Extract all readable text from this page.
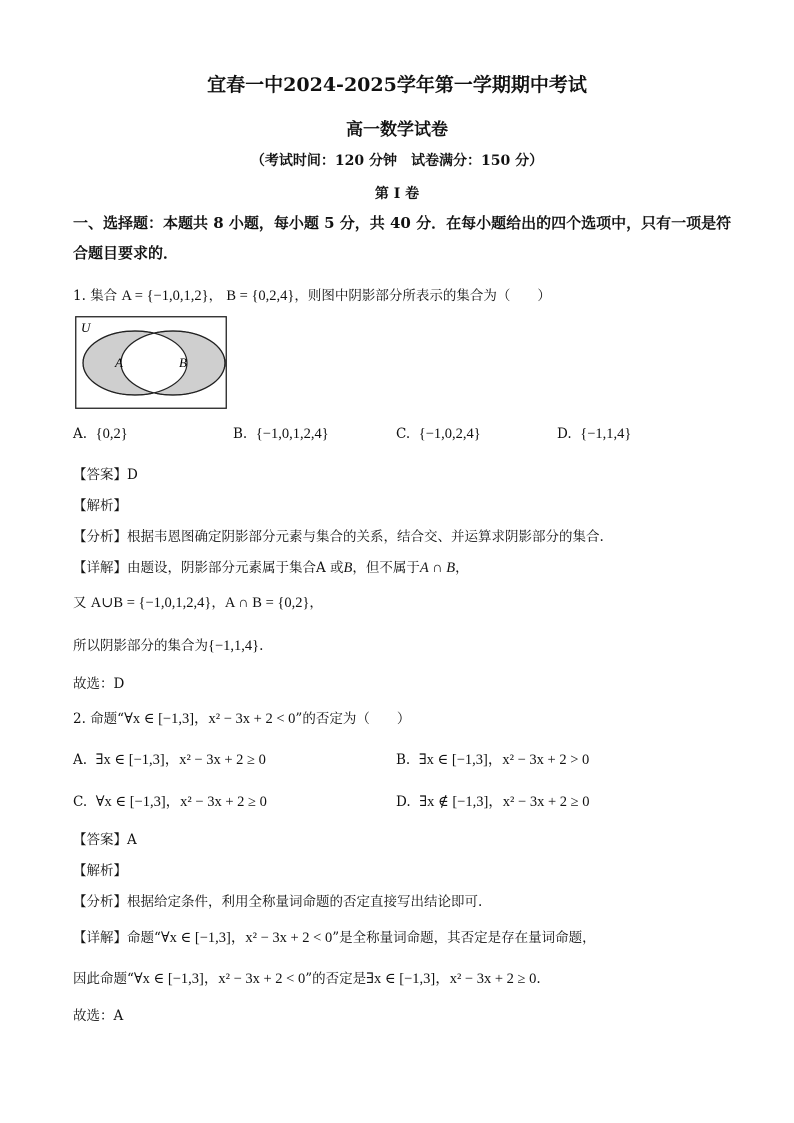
宜春一中2024-2025学年第一学期期中考试
高一数学试卷
（考试时间：120 分钟　试卷满分：150 分）
第 I 卷
一、选择题：本题共 8 小题，每小题 5 分，共 40 分．在每小题给出的四个选项中，只有一项是符合题目要求的．
1. 集合 A = {−1,0,1,2}， B = {0,2,4}，则图中阴影部分所表示的集合为（　　）
U
A	B
A. {0,2}	B. {−1,0,1,2,4}	C. {−1,0,2,4}	D. {−1,1,4}
【答案】D
【解析】
【分析】根据韦恩图确定阴影部分元素与集合的关系，结合交、并运算求阴影部分的集合.
【详解】由题设，阴影部分元素属于集合A 或B，但不属于A ∩ B，
又 A∪B = {−1,0,1,2,4}，A ∩ B = {0,2}，
所以阴影部分的集合为{−1,1,4}.
故选：D
2. 命题“∀x ∈ [−1,3]，x² − 3x + 2 < 0”的否定为（　　）
A. ∃x ∈ [−1,3]，x² − 3x + 2 ≥ 0	B. ∃x ∈ [−1,3]，x² − 3x + 2 > 0
C. ∀x ∈ [−1,3]，x² − 3x + 2 ≥ 0	D. ∃x ∉ [−1,3]，x² − 3x + 2 ≥ 0
【答案】A
【解析】
【分析】根据给定条件，利用全称量词命题的否定直接写出结论即可.
【详解】命题“∀x ∈ [−1,3]，x² − 3x + 2 < 0”是全称量词命题，其否定是存在量词命题，
因此命题“∀x ∈ [−1,3]，x² − 3x + 2 < 0”的否定是∃x ∈ [−1,3]，x² − 3x + 2 ≥ 0.
故选：A
